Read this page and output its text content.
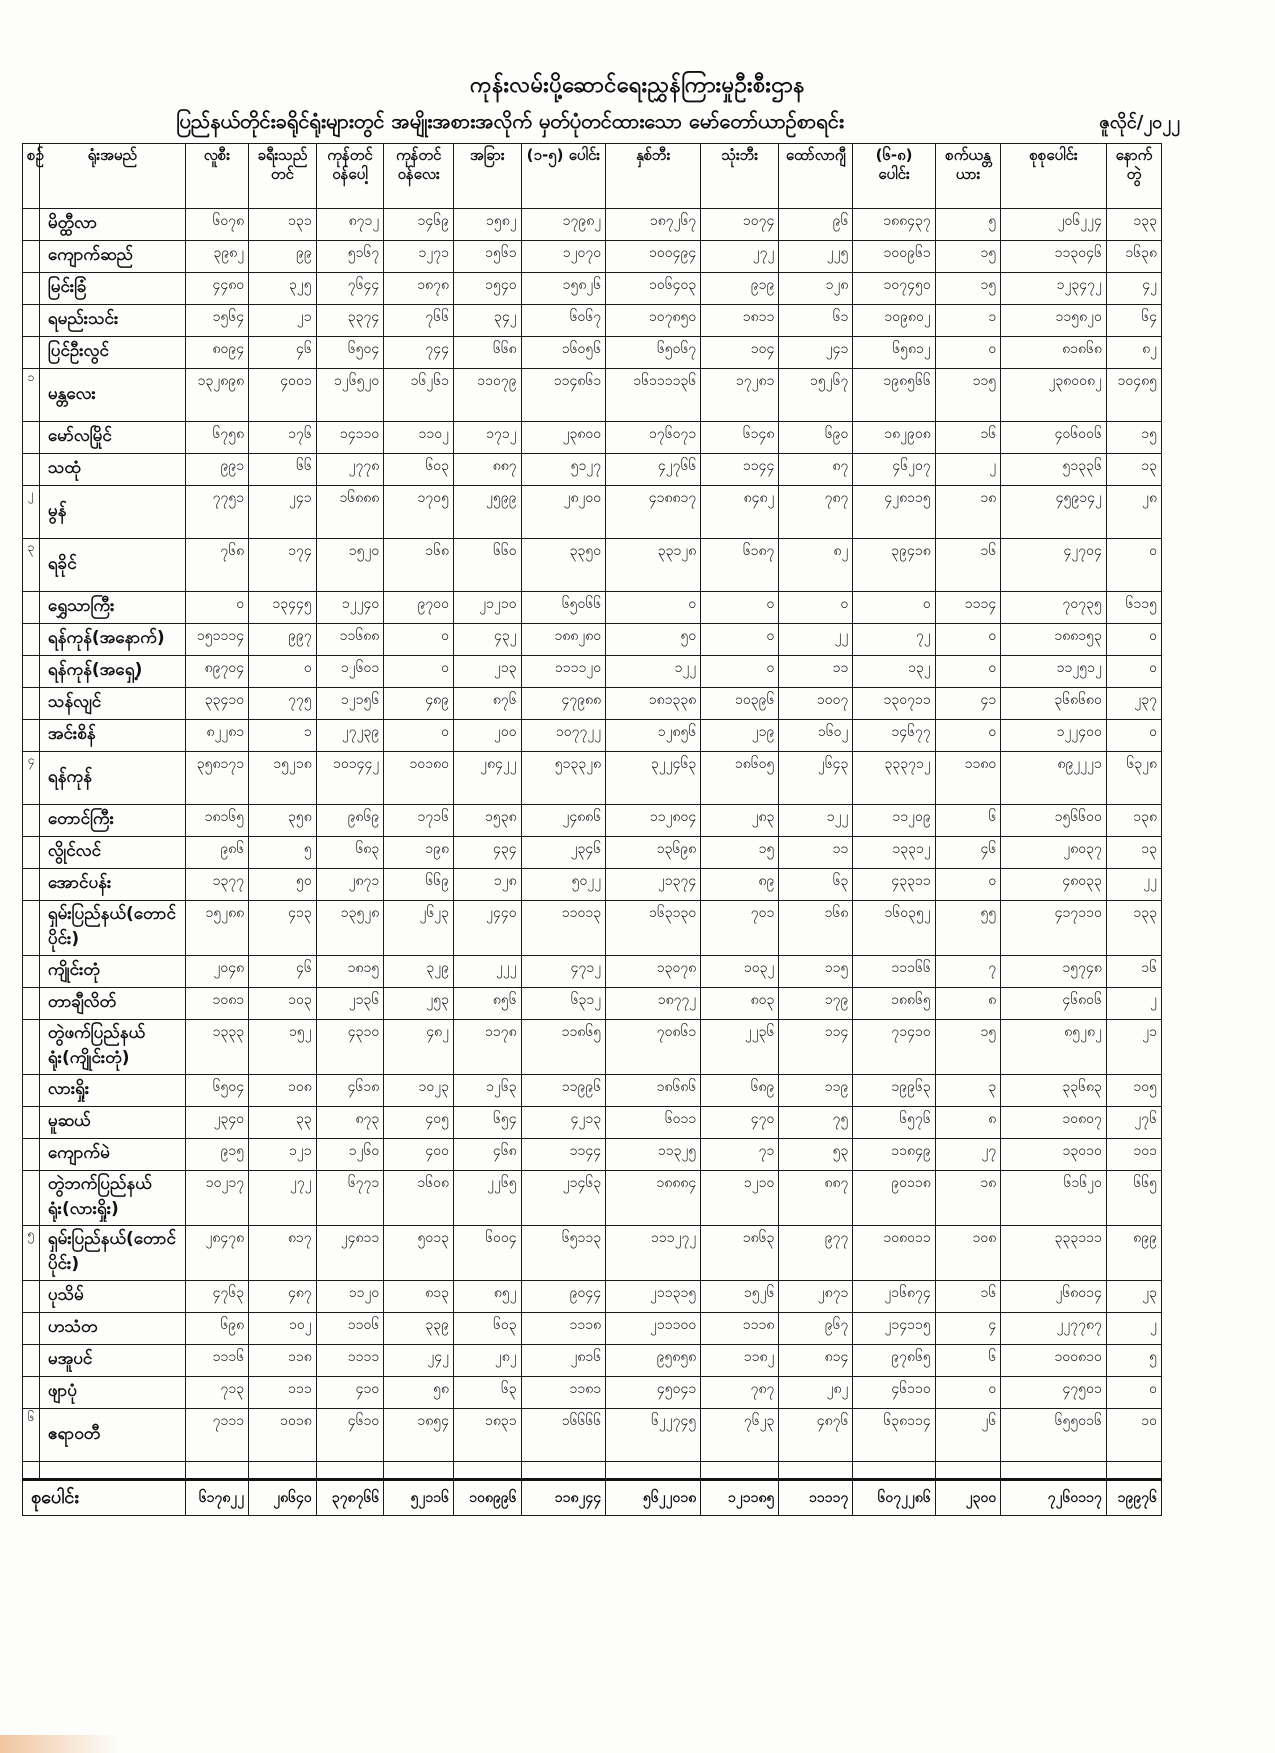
ကုန်းလမ်းပို့ဆောင်ရေးညွှန်ကြားမှုဦးစီးဌာန
ပြည်နယ်တိုင်းခရိုင်ရုံးများတွင် အမျိုးအစားအလိုက် မှတ်ပုံတင်ထားသော မော်တော်ယာဉ်စာရင်း	ဇူလိုင်/၂၀၂၂
စဉ်	ရုံးအမည်	လူစီး	ခရီးသည်တင်	ကုန်တင်ဝန်ပေါ့	ကုန်တင်ဝန်လေး	အခြား	(၁-၅) ပေါင်း	နှစ်ဘီး	သုံးဘီး	ထော်လာဂျီ	(၆-၈) ပေါင်း	စက်ယန္တယား	စုစုပေါင်း	နောက်တွဲ
	မိတ္ထီလာ	၆၀၇၈	၁၃၁	၈၇၁၂	၁၄၆၉	၁၅၈၂	၁၇၉၈၂	၁၈၇၂၆၇	၁၀၇၄	၉၆	၁၈၈၄၃၇	၅	၂၀၆၂၂၄	၁၃၃
	ကျောက်ဆည်	၃၉၈၂	၉၉	၅၁၆၇	၁၂၇၁	၁၅၆၁	၁၂၀၇၀	၁၀၀၄၉၄	၂၇၂	၂၂၅	၁၀၀၉၆၁	၁၅	၁၁၃၀၄၆	၁၆၃၈
	မြင်းခြံ	၄၄၈၀	၃၂၅	၇၆၄၄	၁၈၇၈	၁၅၄၀	၁၅၈၂၆	၁၀၆၄၀၃	၉၁၉	၁၂၈	၁၀၇၄၅၀	၁၅	၁၂၃၄၇၂	၄၂
	ရမည်းသင်း	၁၅၆၄	၂၁	၃၃၇၄	၇၆၆	၃၄၂	၆၀၆၇	၁၀၇၈၅၀	၁၈၁၁	၆၁	၁၀၉၈၀၂	၁	၁၁၅၈၂၀	၆၄
	ပြင်ဦးလွင်	၈၀၉၄	၄၆	၆၅၀၄	၇၄၄	၆၆၈	၁၆၀၅၆	၆၅၀၆၇	၁၀၄	၂၄၁	၆၅၈၁၂	၀	၈၁၈၆၈	၈၂
၁	မန္တလေး	၁၃၂၈၉၈	၄၀၀၁	၁၂၆၅၂၀	၁၆၂၆၁	၁၁၀၇၉	၁၁၄၈၆၁	၁၆၁၁၁၁၃၆	၁၇၂၈၁	၁၅၂၆၇	၁၉၈၅၆၆	၁၁၅	၂၃၈၀၀၈၂	၁၀၄၈၅
	မော်လမြိုင်	၆၇၅၈	၁၇၆	၁၄၁၁၀	၁၁၀၂	၁၇၁၂	၂၃၈၀၀	၁၇၆၀၇၁	၆၁၄၈	၆၉၀	၁၈၂၉၀၈	၁၆	၄၀၆၀၀၆	၁၅
	သထုံ	၉၉၁	၆၆	၂၇၇၈	၆၀၃	၈၈၇	၅၁၂၇	၄၂၇၆၆	၁၁၄၄	၈၇	၄၆၂၀၇	၂	၅၁၃၃၆	၁၃
၂	မွန်	၇၇၅၁	၂၄၁	၁၆၈၈၈	၁၇၀၅	၂၅၉၉	၂၈၂၀၀	၄၁၈၈၁၇	၈၄၈၂	၇၈၇	၄၂၈၁၁၅	၁၈	၄၅၉၁၄၂	၂၈
၃	ရခိုင်	၇၆၈	၁၇၄	၁၅၂၀	၁၆၈	၆၆၀	၃၃၅၀	၃၃၁၂၈	၆၁၈၇	၈၂	၃၉၄၁၈	၁၆	၄၂၇၀၄	၀
	ရွှေသာကြီး	၀	၁၃၄၄၅	၁၂၂၄၀	၉၇၀၀	၂၁၂၁၀	၆၅၀၆၆	၀	၀	၀	၀	၁၁၁၄	၇၀၇၃၅	၆၁၁၅
	ရန်ကုန်(အနောက်)	၁၅၁၁၁၄	၉၉၇	၁၁၆၈၈	၀	၄၃၂	၁၈၈၂၈၀	၅၀	၀	၂၂	၇၂	၀	၁၈၈၁၅၃	၀
	ရန်ကုန်(အရှေ့)	၈၉၇၀၄	၀	၁၂၆၀၁	၀	၂၁၃	၁၁၁၁၂၀	၁၂၂	၀	၁၁	၁၃၂	၀	၁၁၂၅၁၂	၀
	သန်လျင်	၃၃၄၁၀	၇၇၅	၁၂၁၅၆	၄၈၉	၈၇၆	၄၇၉၈၈	၁၈၁၃၃၈	၁၀၃၉၆	၁၀၀၇	၁၃၀၇၁၁	၄၁	၃၆၈၆၈၀	၂၃၇
	အင်းစိန်	၈၂၂၈၁	၁	၂၇၂၃၉	၀	၂၀၀	၁၀၇၇၂၂	၁၂၈၅၆	၂၁၉	၁၆၀၂	၁၄၆၇၇	၀	၁၂၂၄၀၀	၀
၄	ရန်ကုန်	၃၅၈၁၇၁	၁၅၂၁၈	၁၀၁၄၄၂	၁၀၁၈၀	၂၈၄၂၂	၅၁၃၃၂၈	၃၂၂၄၆၃	၁၈၆၀၅	၂၆၄၃	၃၃၃၇၁၂	၁၁၈၀	၈၉၂၂၂၁	၆၃၂၈
	တောင်ကြီး	၁၈၁၆၅	၃၅၈	၉၈၆၉	၁၇၁၆	၁၅၃၈	၂၄၈၈၆	၁၁၂၈၀၄	၂၈၃	၁၂၂	၁၁၂၀၉	၆	၁၅၆၆၀၀	၁၃၈
	လွိုင်လင်	၉၈၆	၅	၆၈၃	၁၉၈	၄၃၄	၂၃၄၆	၁၃၆၉၈	၁၅	၁၁	၁၃၃၁၂	၄၆	၂၈၀၃၇	၁၃
	အောင်ပန်း	၁၃၇၇	၅၀	၂၈၇၁	၆၆၉	၁၂၈	၅၀၂၂	၂၁၃၇၄	၈၉	၆၃	၄၃၃၁၁	၀	၄၈၀၃၃	၂၂
	ရှမ်းပြည်နယ်(တောင်ပိုင်း)	၁၅၂၈၈	၄၁၃	၁၃၅၂၈	၂၆၂၃	၂၄၄၀	၁၁၀၁၃	၁၆၃၁၃၀	၇၀၁	၁၆၈	၁၆၀၃၅၂	၅၅	၄၁၇၁၁၀	၁၃၃
	ကျိုင်းတုံ	၂၀၄၈	၄၆	၁၈၁၅	၃၂၉	၂၂၂	၄၇၁၂	၁၃၀၇၈	၁၀၃၂	၁၁၅	၁၁၁၆၆	၇	၁၅၇၄၈	၁၆
	တာချီလိတ်	၁၀၈၁	၁၀၃	၂၁၃၆	၂၅၃	၈၅၆	၆၃၁၂	၁၈၇၇၂	၈၀၃	၁၇၉	၁၈၈၆၅	၈	၄၆၈၀၆	၂
	တွဲဖက်ပြည်နယ်ရုံး(ကျိုင်းတုံ)	၁၃၃၃	၁၅၂	၄၃၁၀	၄၈၂	၁၁၇၈	၁၁၈၆၅	၇၀၈၆၁	၂၂၃၆	၁၁၄	၇၁၄၁၀	၁၅	၈၅၂၈၂	၂၁
	လားရှိုး	၆၅၀၄	၁၀၈	၄၆၁၈	၁၀၂၃	၁၂၆၃	၁၁၉၉၆	၁၈၆၈၆	၆၈၉	၁၁၉	၁၉၉၆၃	၃	၃၃၆၈၃	၁၀၅
	မူဆယ်	၂၃၄၀	၃၃	၈၇၃	၄၀၅	၆၅၄	၄၂၁၃	၆၀၁၁	၄၇၀	၇၅	၆၅၇၆	၈	၁၀၈၀၇	၂၇၆
	ကျောက်မဲ	၉၁၅	၁၂၁	၁၂၆၀	၄၀၀	၄၆၈	၁၁၄၄	၁၁၃၂၅	၇၁	၅၃	၁၁၈၄၉	၂၇	၁၃၀၁၀	၁၀၁
	တွဲဘက်ပြည်နယ်ရုံး(လားရှိုး)	၁၀၂၁၇	၂၇၂	၆၇၇၁	၁၆၀၈	၂၂၆၅	၂၁၄၆၃	၁၈၈၈၄	၁၂၁၀	၈၈၇	၉၀၁၁၈	၁၈	၆၁၆၂၀	၆၆၅
၅	ရှမ်းပြည်နယ်(တောင်ပိုင်း)	၂၈၄၇၈	၈၁၇	၂၄၈၁၁	၅၀၁၃	၆၀၀၄	၆၅၁၁၃	၁၁၁၂၇၂	၁၈၆၃	၉၇၇	၁၀၈၀၁၁	၁၀၈	၃၃၃၁၁၁	၈၉၉
	ပုသိမ်	၄၇၆၃	၄၈၇	၁၁၂၀	၈၁၃	၈၅၂	၉၀၄၄	၂၁၁၃၁၅	၁၅၂၆	၂၈၇၁	၂၁၆၈၇၄	၁၆	၂၆၈၀၁၄	၂၃
	ဟသံတ	၆၉၈	၁၀၂	၁၁၀၆	၃၃၉	၆၀၃	၁၁၁၈	၂၁၁၁၀၀	၁၁၁၈	၉၆၇	၂၁၄၁၁၅	၄	၂၂၇၇၈၇	၂
	မအူပင်	၁၁၁၆	၁၁၈	၁၁၁၁	၂၄၂	၂၈၂	၂၈၁၆	၉၅၈၅၈	၁၁၈၂	၈၁၄	၉၇၈၆၅	၆	၁၀၀၈၁၀	၅
	ဖျာပုံ	၇၁၃	၁၁၁	၄၁၀	၅၈	၆၃	၁၁၈၁	၄၅၀၄၁	၇၈၇	၂၈၂	၄၆၁၁၀	၀	၄၇၅၀၁	၀
၆	ဧရာဝတီ	၇၁၁၁	၁၀၁၈	၄၆၁၀	၁၈၅၄	၁၈၃၁	၁၆၆၆၆	၆၂၂၇၄၅	၇၆၂၃	၄၈၇၆	၆၃၈၁၁၄	၂၆	၆၅၅၀၁၆	၁၀

စုပေါင်း		၆၁၇၈၂၂	၂၈၆၄၀	၃၇၈၇၆၆	၅၂၁၁၆	၁၀၈၉၉၆	၁၁၈၂၄၄	၅၆၂၂၀၁၈	၁၂၁၁၈၅	၁၁၁၁၇	၆၀၇၂၂၈၆	၂၃၀၀	၇၂၆၀၁၁၇	၁၉၉၇၆
